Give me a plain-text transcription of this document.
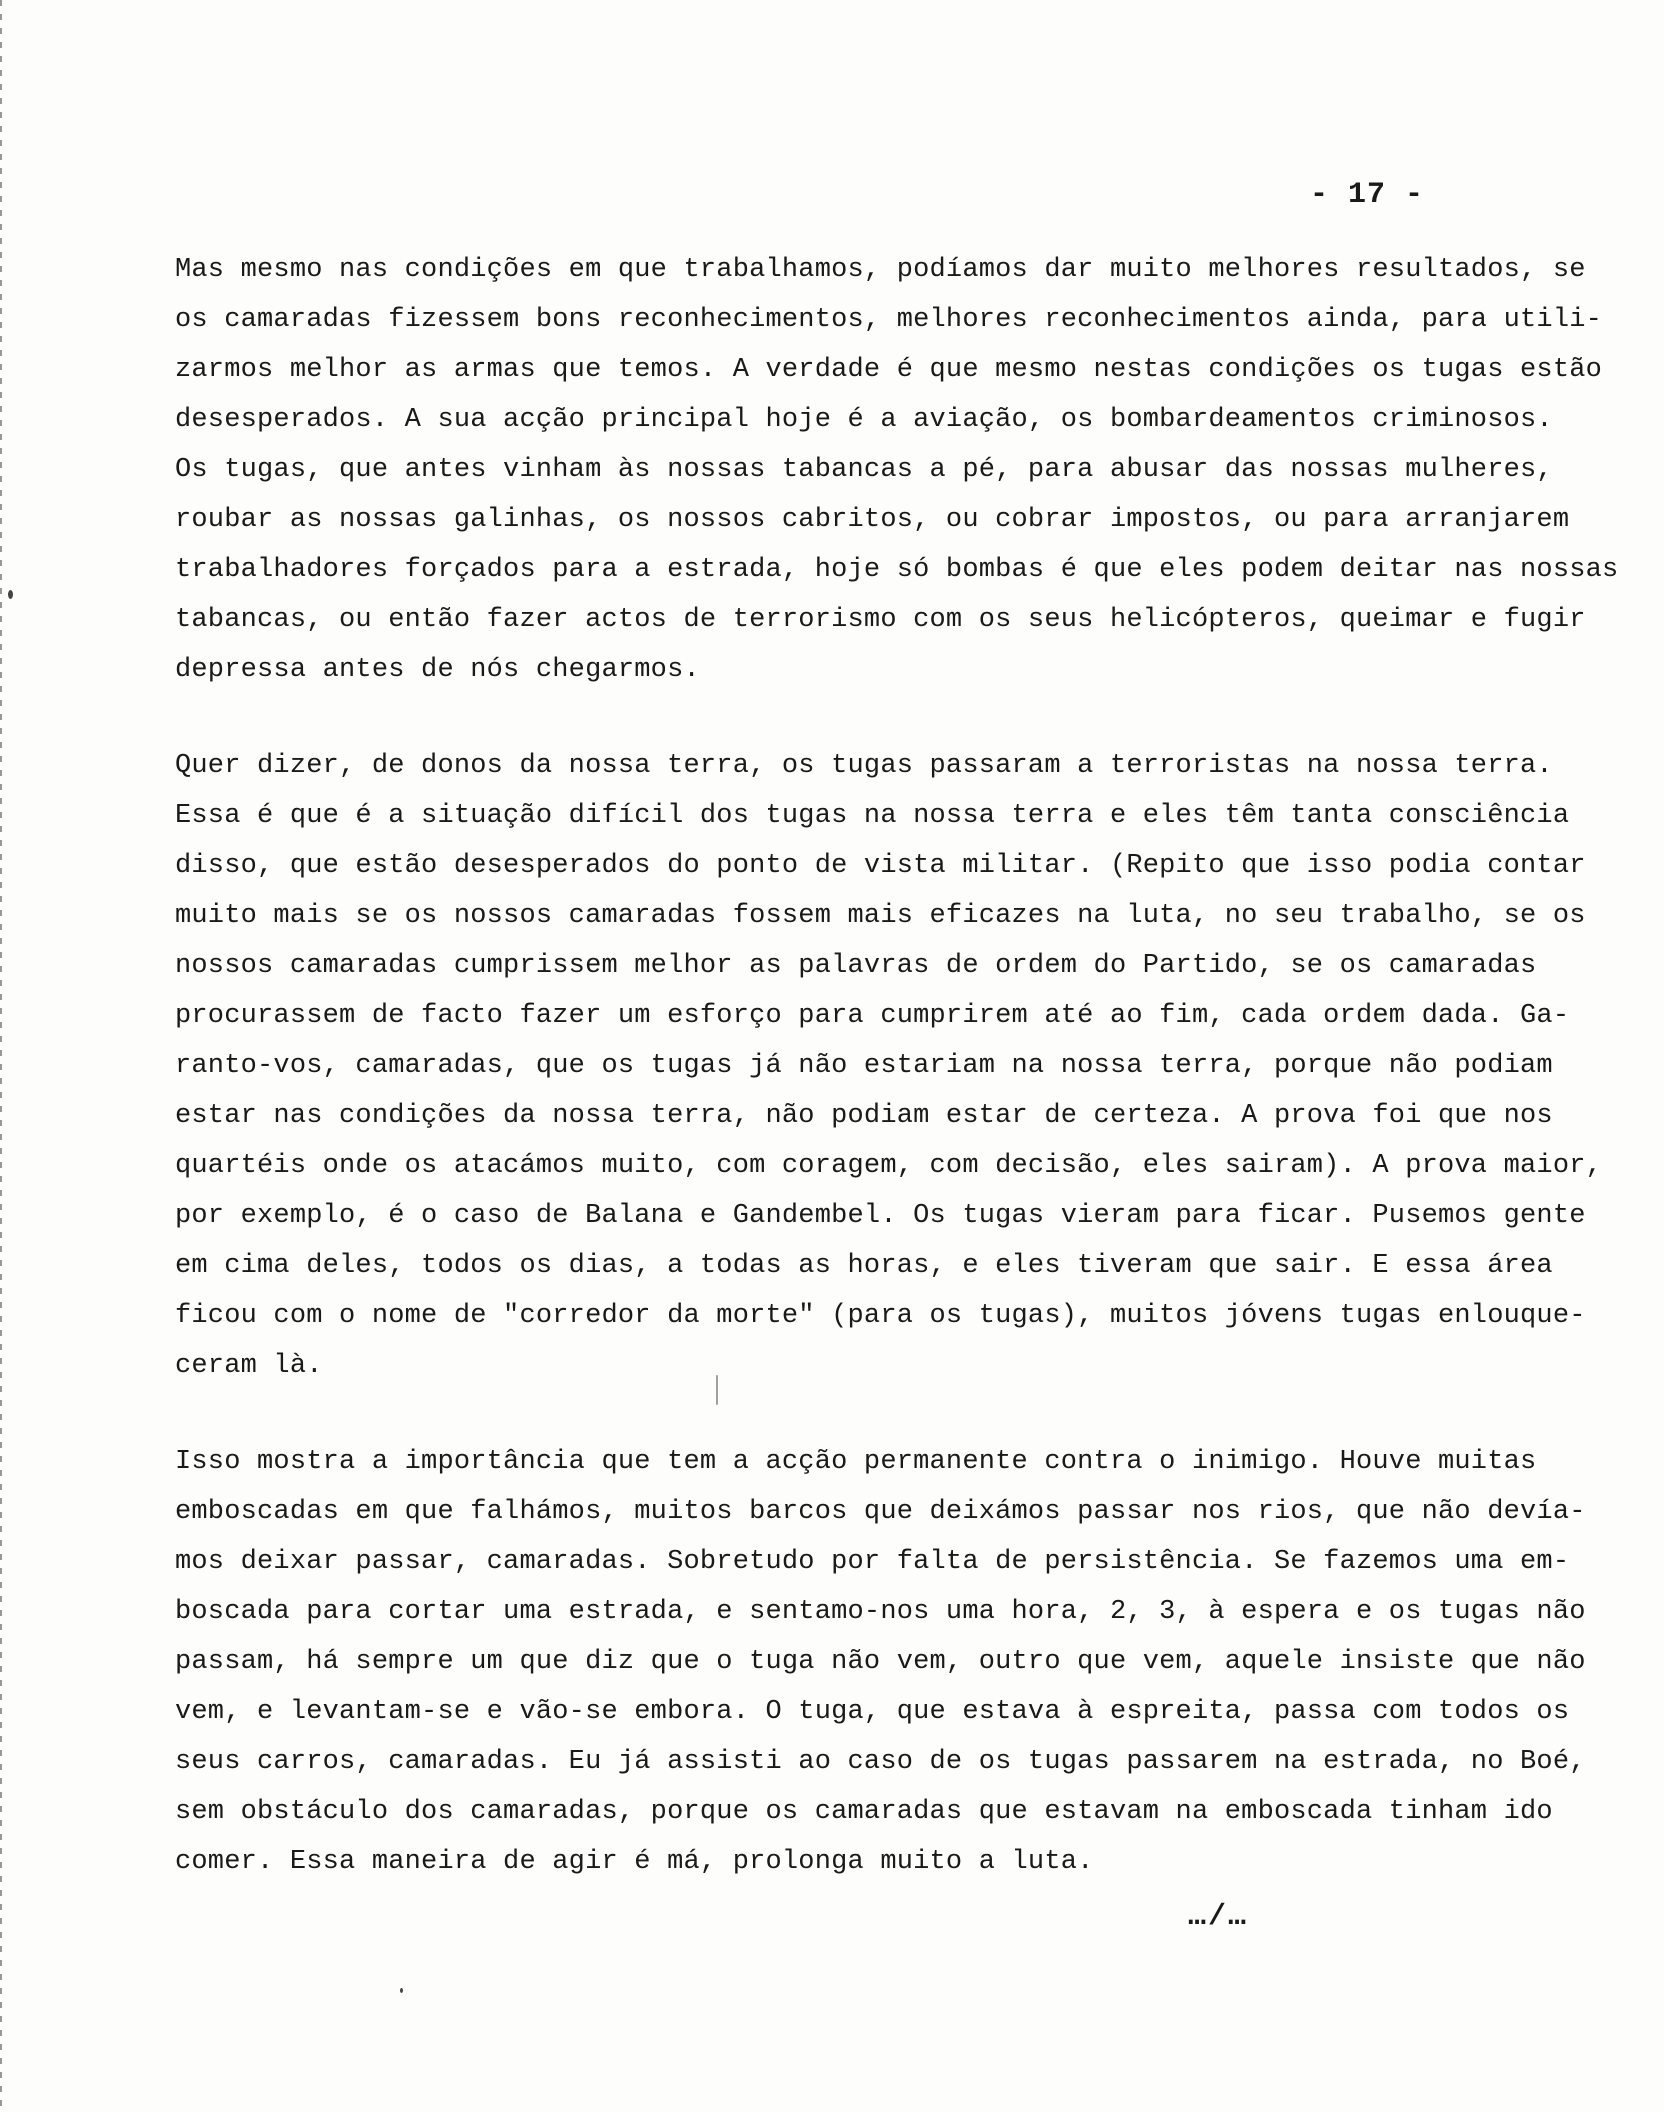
- 17 -
Mas mesmo nas condições em que trabalhamos, podíamos dar muito melhores resultados, se
os camaradas fizessem bons reconhecimentos, melhores reconhecimentos ainda, para utili-
zarmos melhor as armas que temos. A verdade é que mesmo nestas condições os tugas estão
desesperados. A sua acção principal hoje é a aviação, os bombardeamentos criminosos.
Os tugas, que antes vinham às nossas tabancas a pé, para abusar das nossas mulheres,
roubar as nossas galinhas, os nossos cabritos, ou cobrar impostos, ou para arranjarem
trabalhadores forçados para a estrada, hoje só bombas é que eles podem deitar nas nossas
tabancas, ou então fazer actos de terrorismo com os seus helicópteros, queimar e fugir
depressa antes de nós chegarmos.
Quer dizer, de donos da nossa terra, os tugas passaram a terroristas na nossa terra.
Essa é que é a situação difícil dos tugas na nossa terra e eles têm tanta consciência
disso, que estão desesperados do ponto de vista militar. (Repito que isso podia contar
muito mais se os nossos camaradas fossem mais eficazes na luta, no seu trabalho, se os
nossos camaradas cumprissem melhor as palavras de ordem do Partido, se os camaradas
procurassem de facto fazer um esforço para cumprirem até ao fim, cada ordem dada. Ga-
ranto-vos, camaradas, que os tugas já não estariam na nossa terra, porque não podiam
estar nas condições da nossa terra, não podiam estar de certeza. A prova foi que nos
quartéis onde os atacámos muito, com coragem, com decisão, eles sairam). A prova maior,
por exemplo, é o caso de Balana e Gandembel. Os tugas vieram para ficar. Pusemos gente
em cima deles, todos os dias, a todas as horas, e eles tiveram que sair. E essa área
ficou com o nome de "corredor da morte" (para os tugas), muitos jóvens tugas enlouque-
ceram là.
Isso mostra a importância que tem a acção permanente contra o inimigo. Houve muitas
emboscadas em que falhámos, muitos barcos que deixámos passar nos rios, que não devía-
mos deixar passar, camaradas. Sobretudo por falta de persistência. Se fazemos uma em-
boscada para cortar uma estrada, e sentamo-nos uma hora, 2, 3, à espera e os tugas não
passam, há sempre um que diz que o tuga não vem, outro que vem, aquele insiste que não
vem, e levantam-se e vão-se embora. O tuga, que estava à espreita, passa com todos os
seus carros, camaradas. Eu já assisti ao caso de os tugas passarem na estrada, no Boé,
sem obstáculo dos camaradas, porque os camaradas que estavam na emboscada tinham ido
comer. Essa maneira de agir é má, prolonga muito a luta.
…/…
